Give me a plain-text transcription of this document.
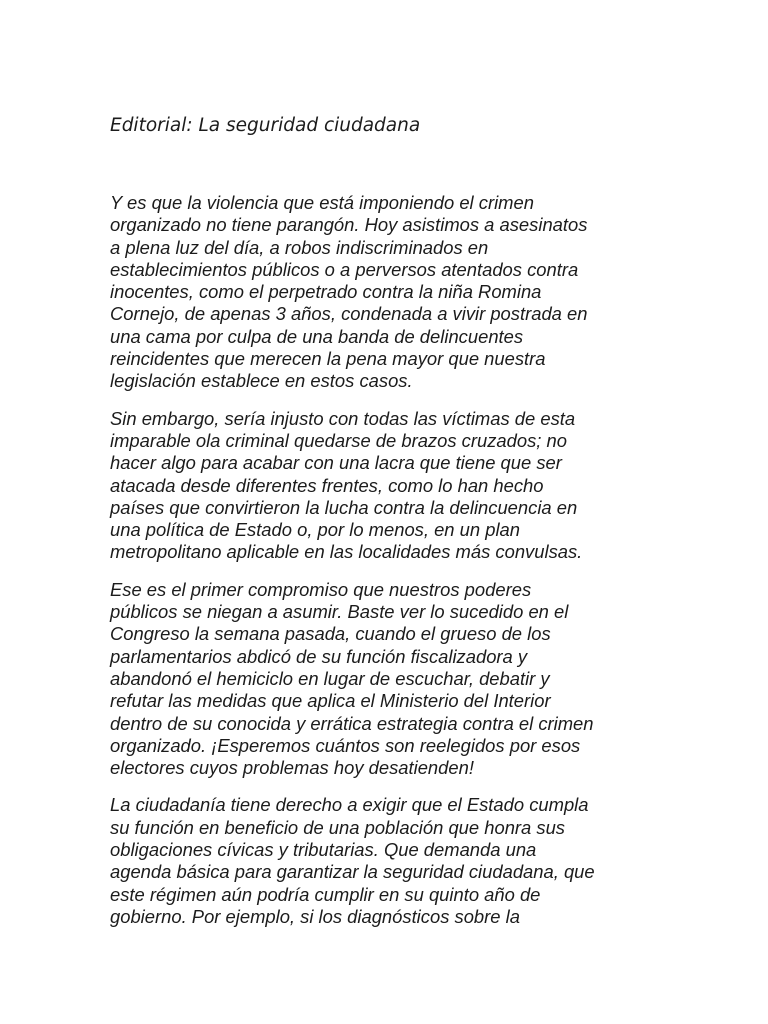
Editorial: La seguridad ciudadana

Y es que la violencia que está imponiendo el crimen
organizado no tiene parangón. Hoy asistimos a asesinatos
a plena luz del día, a robos indiscriminados en
establecimientos públicos o a perversos atentados contra
inocentes, como el perpetrado contra la niña Romina
Cornejo, de apenas 3 años, condenada a vivir postrada en
una cama por culpa de una banda de delincuentes
reincidentes que merecen la pena mayor que nuestra
legislación establece en estos casos.

Sin embargo, sería injusto con todas las víctimas de esta
imparable ola criminal quedarse de brazos cruzados; no
hacer algo para acabar con una lacra que tiene que ser
atacada desde diferentes frentes, como lo han hecho
países que convirtieron la lucha contra la delincuencia en
una política de Estado o, por lo menos, en un plan
metropolitano aplicable en las localidades más convulsas.

Ese es el primer compromiso que nuestros poderes
públicos se niegan a asumir. Baste ver lo sucedido en el
Congreso la semana pasada, cuando el grueso de los
parlamentarios abdicó de su función fiscalizadora y
abandonó el hemiciclo en lugar de escuchar, debatir y
refutar las medidas que aplica el Ministerio del Interior
dentro de su conocida y errática estrategia contra el crimen
organizado. ¡Esperemos cuántos son reelegidos por esos
electores cuyos problemas hoy desatienden!

La ciudadanía tiene derecho a exigir que el Estado cumpla
su función en beneficio de una población que honra sus
obligaciones cívicas y tributarias. Que demanda una
agenda básica para garantizar la seguridad ciudadana, que
este régimen aún podría cumplir en su quinto año de
gobierno. Por ejemplo, si los diagnósticos sobre la
